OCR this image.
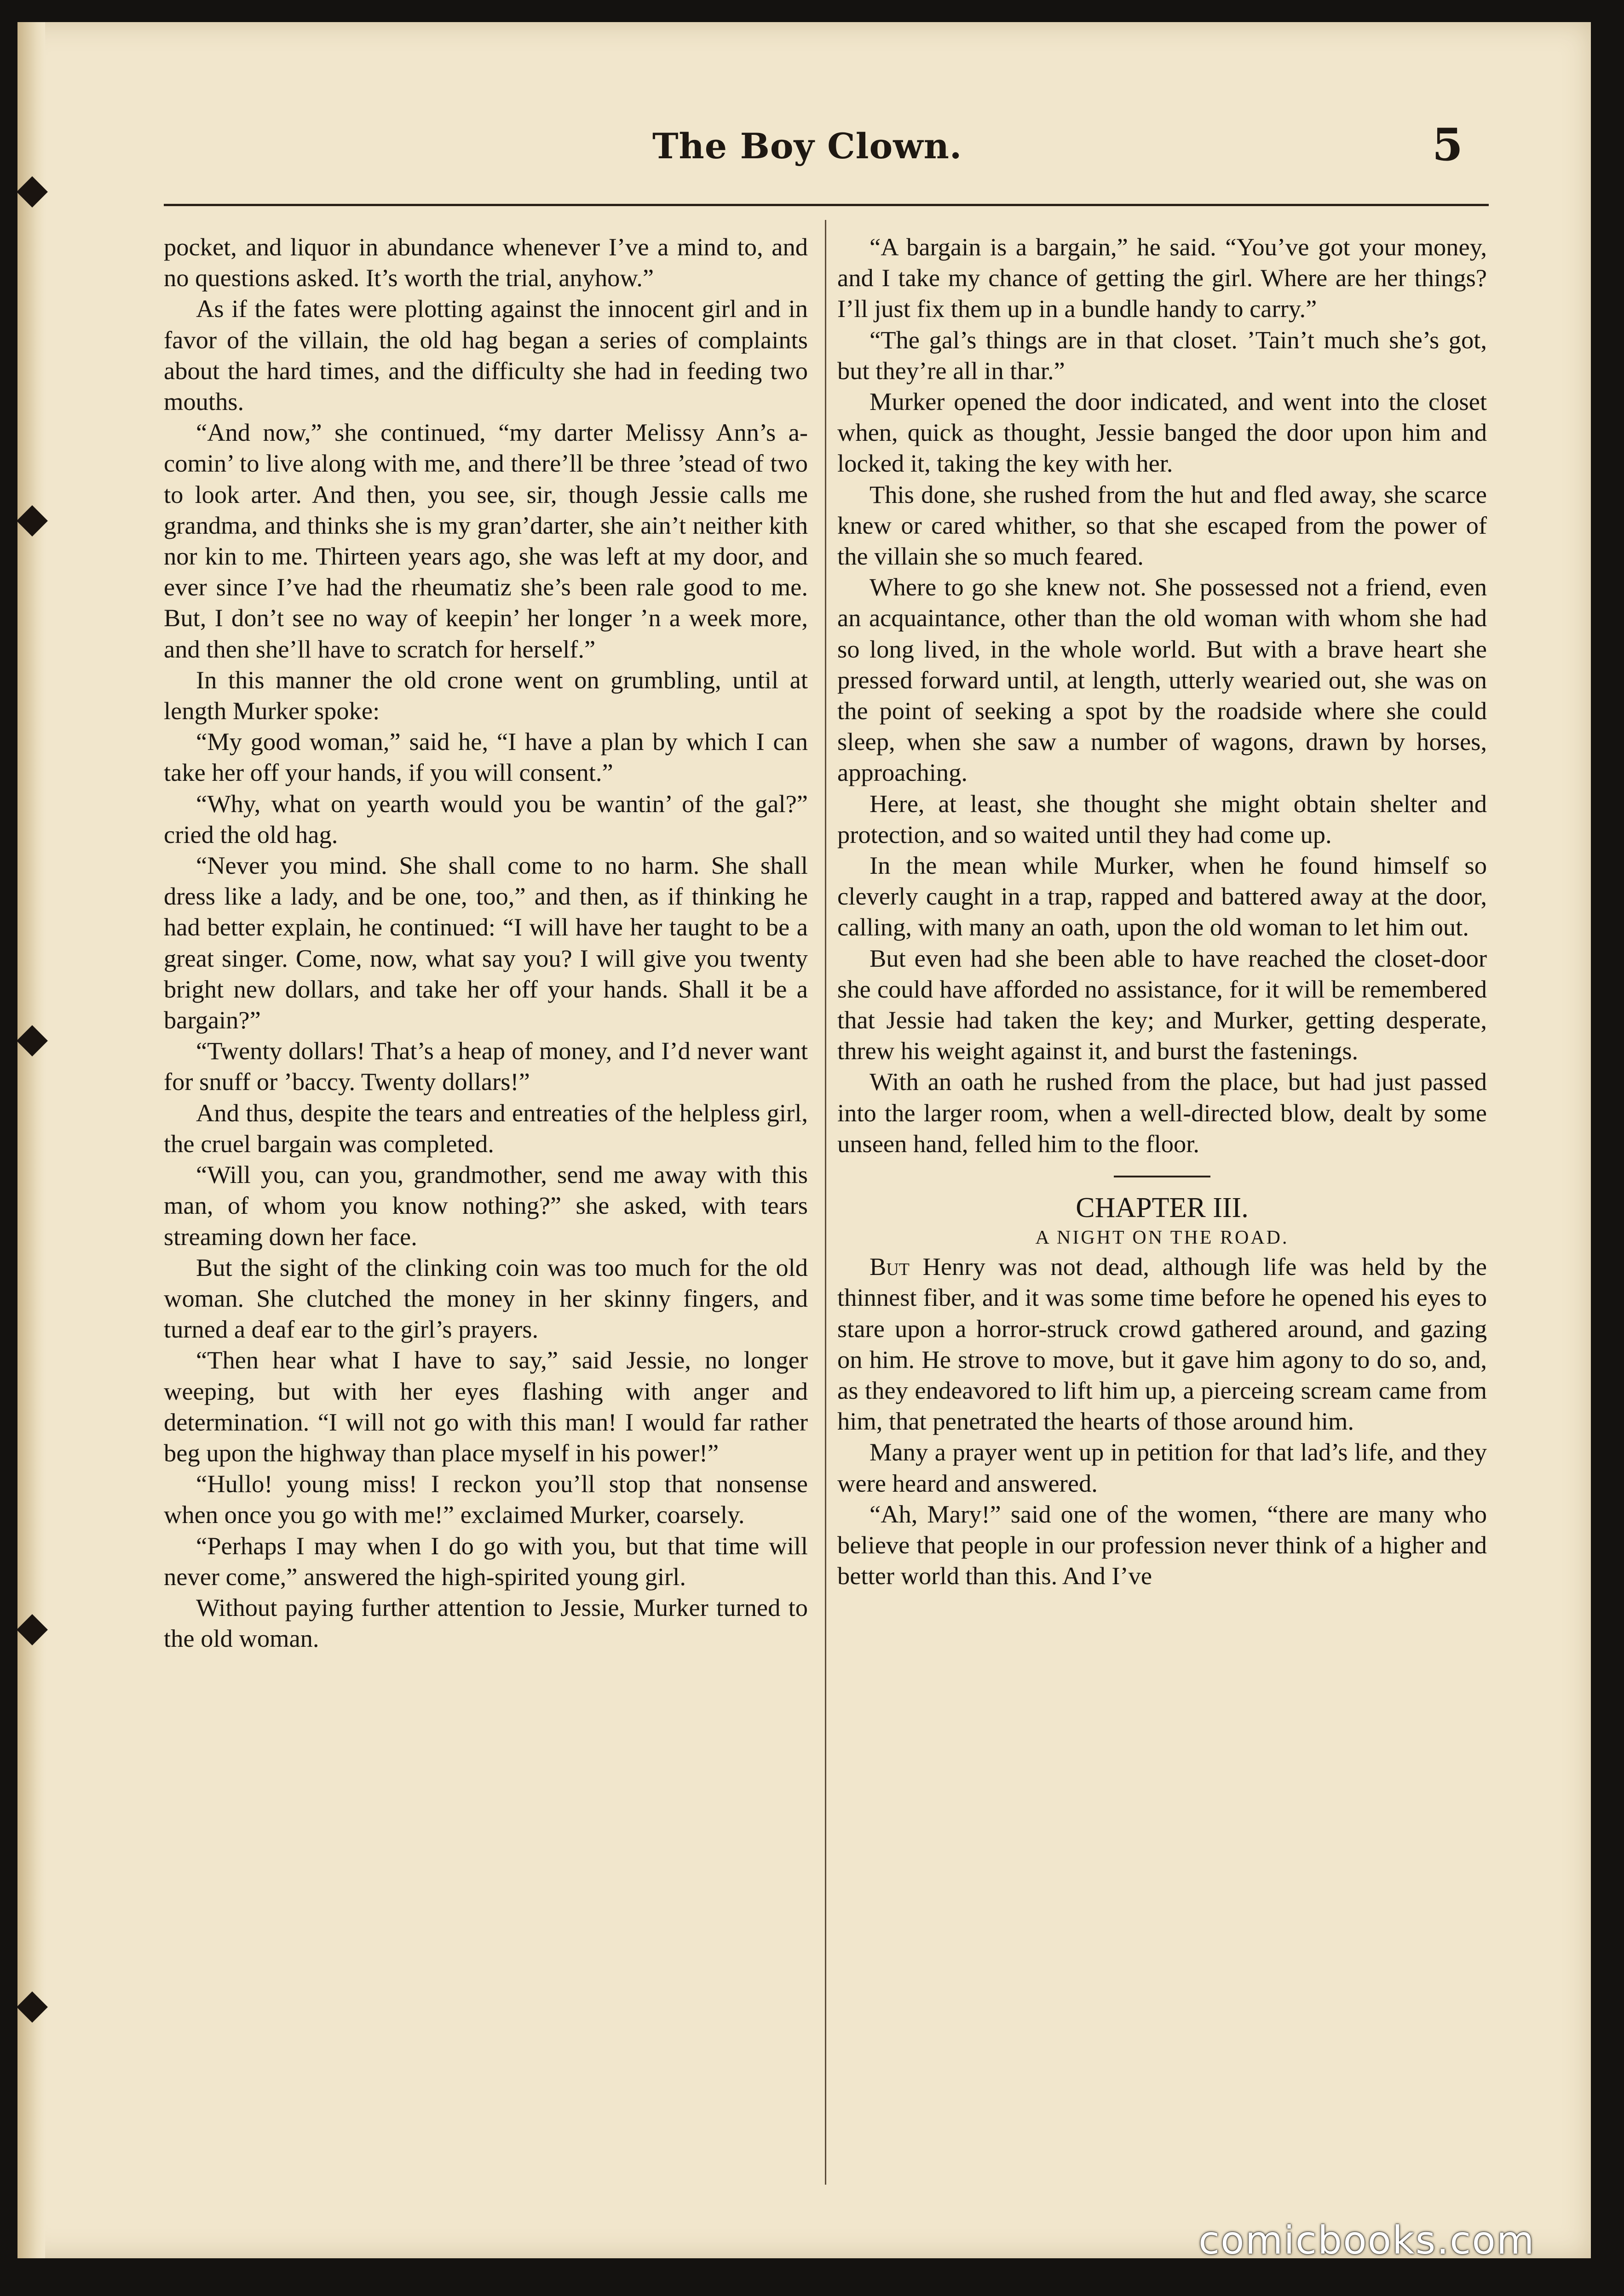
The Boy Clown.	5

pocket, and liquor in abundance whenever I’ve a mind to, and no questions asked. It’s worth the trial, anyhow.”

As if the fates were plotting against the innocent girl and in favor of the villain, the old hag began a series of complaints about the hard times, and the difficulty she had in feeding two mouths.

“And now,” she continued, “my darter Melissy Ann’s a-comin’ to live along with me, and there’ll be three ’stead of two to look arter. And then, you see, sir, though Jessie calls me grandma, and thinks she is my gran’darter, she ain’t neither kith nor kin to me. Thirteen years ago, she was left at my door, and ever since I’ve had the rheumatiz she’s been rale good to me. But, I don’t see no way of keepin’ her longer ’n a week more, and then she’ll have to scratch for herself.”

In this manner the old crone went on grumbling, until at length Murker spoke:

“My good woman,” said he, “I have a plan by which I can take her off your hands, if you will consent.”

“Why, what on yearth would you be wantin’ of the gal?” cried the old hag.

“Never you mind. She shall come to no harm. She shall dress like a lady, and be one, too,” and then, as if thinking he had better explain, he continued: “I will have her taught to be a great singer. Come, now, what say you? I will give you twenty bright new dollars, and take her off your hands. Shall it be a bargain?”

“Twenty dollars! That’s a heap of money, and I’d never want for snuff or ’baccy. Twenty dollars!”

And thus, despite the tears and entreaties of the helpless girl, the cruel bargain was completed.

“Will you, can you, grandmother, send me away with this man, of whom you know nothing?” she asked, with tears streaming down her face.

But the sight of the clinking coin was too much for the old woman. She clutched the money in her skinny fingers, and turned a deaf ear to the girl’s prayers.

“Then hear what I have to say,” said Jessie, no longer weeping, but with her eyes flashing with anger and determination. “I will not go with this man! I would far rather beg upon the highway than place myself in his power!”

“Hullo! young miss! I reckon you’ll stop that nonsense when once you go with me!” exclaimed Murker, coarsely.

“Perhaps I may when I do go with you, but that time will never come,” answered the high-spirited young girl.

Without paying further attention to Jessie, Murker turned to the old woman.

“A bargain is a bargain,” he said. “You’ve got your money, and I take my chance of getting the girl. Where are her things? I’ll just fix them up in a bundle handy to carry.”

“The gal’s things are in that closet. ’Tain’t much she’s got, but they’re all in thar.”

Murker opened the door indicated, and went into the closet when, quick as thought, Jessie banged the door upon him and locked it, taking the key with her.

This done, she rushed from the hut and fled away, she scarce knew or cared whither, so that she escaped from the power of the villain she so much feared.

Where to go she knew not. She possessed not a friend, even an acquaintance, other than the old woman with whom she had so long lived, in the whole world. But with a brave heart she pressed forward until, at length, utterly wearied out, she was on the point of seeking a spot by the roadside where she could sleep, when she saw a number of wagons, drawn by horses, approaching.

Here, at least, she thought she might obtain shelter and protection, and so waited until they had come up.

In the mean while Murker, when he found himself so cleverly caught in a trap, rapped and battered away at the door, calling, with many an oath, upon the old woman to let him out.

But even had she been able to have reached the closet-door she could have afforded no assistance, for it will be remembered that Jessie had taken the key; and Murker, getting desperate, threw his weight against it, and burst the fastenings.

With an oath he rushed from the place, but had just passed into the larger room, when a well-directed blow, dealt by some unseen hand, felled him to the floor.

CHAPTER III.

A NIGHT ON THE ROAD.

But Henry was not dead, although life was held by the thinnest fiber, and it was some time before he opened his eyes to stare upon a horror-struck crowd gathered around, and gazing on him. He strove to move, but it gave him agony to do so, and, as they endeavored to lift him up, a pierceing scream came from him, that penetrated the hearts of those around him.

Many a prayer went up in petition for that lad’s life, and they were heard and answered.

“Ah, Mary!” said one of the women, “there are many who believe that people in our profession never think of a higher and better world than this. And I’ve

comicbooks.com
